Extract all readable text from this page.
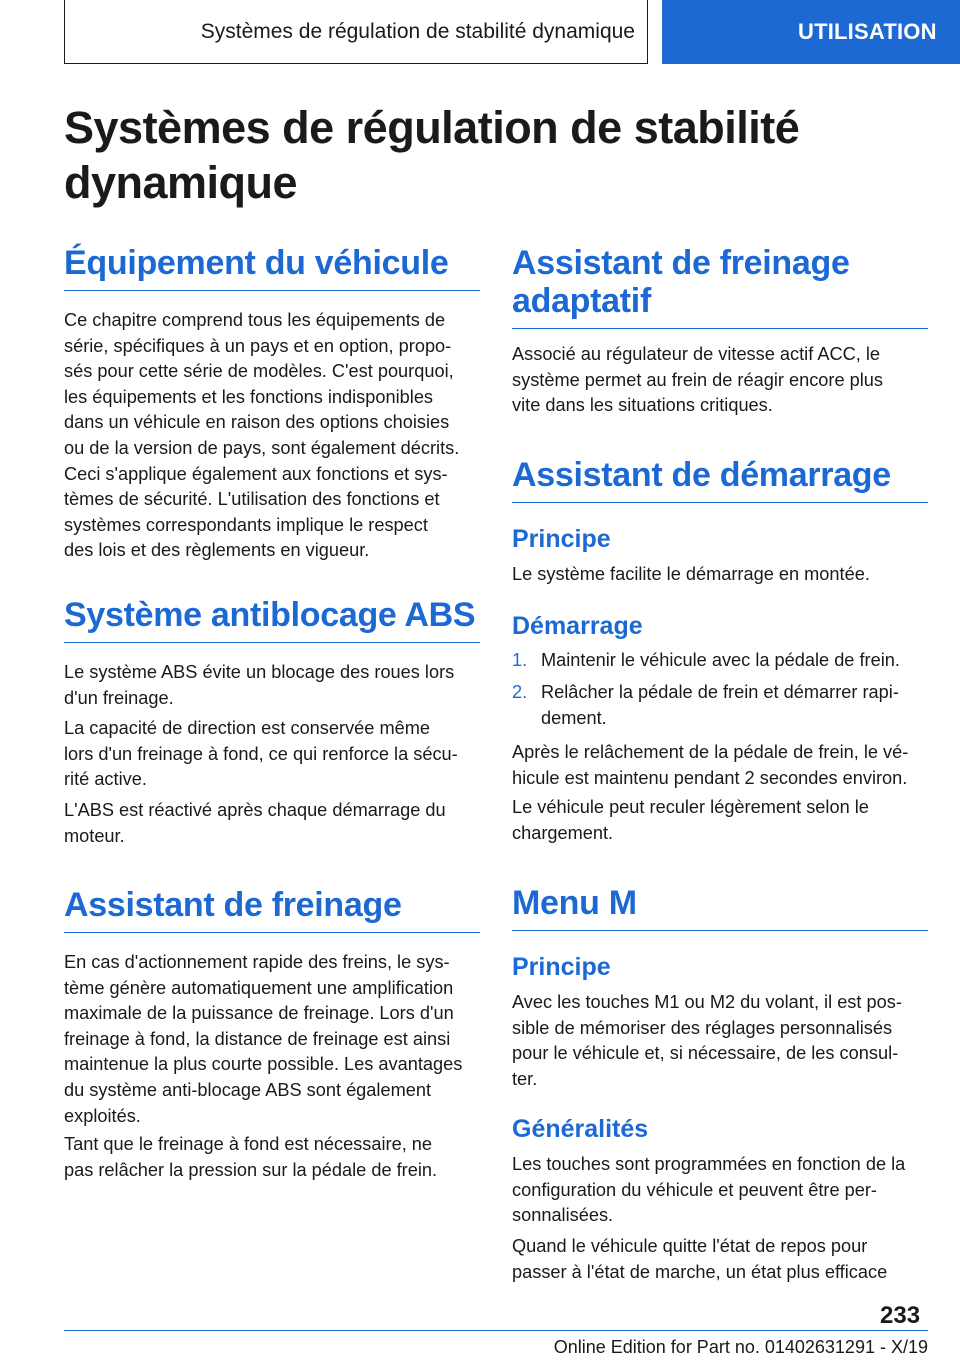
Systèmes de régulation de stabilité dynamique	UTILISATION
Systèmes de régulation de stabilité dynamique
Équipement du véhicule
Ce chapitre comprend tous les équipements de
série, spécifiques à un pays et en option, propo‐
sés pour cette série de modèles. C'est pourquoi,
les équipements et les fonctions indisponibles
dans un véhicule en raison des options choisies
ou de la version de pays, sont également décrits.
Ceci s'applique également aux fonctions et sys‐
tèmes de sécurité. L'utilisation des fonctions et
systèmes correspondants implique le respect
des lois et des règlements en vigueur.
Système antiblocage ABS
Le système ABS évite un blocage des roues lors
d'un freinage.
La capacité de direction est conservée même
lors d'un freinage à fond, ce qui renforce la sécu‐
rité active.
L'ABS est réactivé après chaque démarrage du
moteur.
Assistant de freinage
En cas d'actionnement rapide des freins, le sys‐
tème génère automatiquement une amplification
maximale de la puissance de freinage. Lors d'un
freinage à fond, la distance de freinage est ainsi
maintenue la plus courte possible. Les avantages
du système anti‐blocage ABS sont également
exploités.
Tant que le freinage à fond est nécessaire, ne
pas relâcher la pression sur la pédale de frein.
Assistant de freinage
adaptatif
Associé au régulateur de vitesse actif ACC, le
système permet au frein de réagir encore plus
vite dans les situations critiques.
Assistant de démarrage
Principe
Le système facilite le démarrage en montée.
Démarrage
1. Maintenir le véhicule avec la pédale de frein.
2. Relâcher la pédale de frein et démarrer rapi‐
dement.
Après le relâchement de la pédale de frein, le vé‐
hicule est maintenu pendant 2 secondes environ.
Le véhicule peut reculer légèrement selon le
chargement.
Menu M
Principe
Avec les touches M1 ou M2 du volant, il est pos‐
sible de mémoriser des réglages personnalisés
pour le véhicule et, si nécessaire, de les consul‐
ter.
Généralités
Les touches sont programmées en fonction de la
configuration du véhicule et peuvent être per‐
sonnalisées.
Quand le véhicule quitte l'état de repos pour
passer à l'état de marche, un état plus efficace
233
Online Edition for Part no. 01402631291 - X/19
